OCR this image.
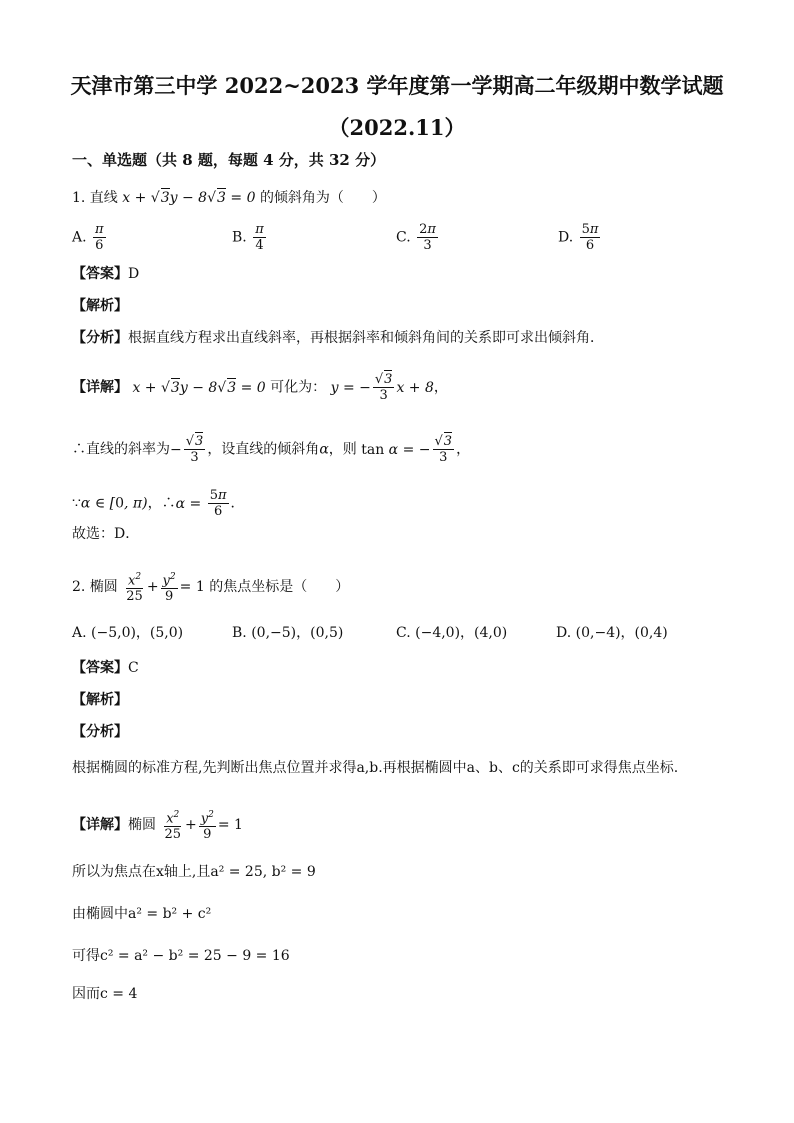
天津市第三中学 2022~2023 学年度第一学期高二年级期中数学试题
（2022.11）
一、单选题（共 8 题，每题 4 分，共 32 分）
1. 直线 x + √3y − 8√3 = 0 的倾斜角为（　　）
A. $\frac{\pi}{6}$	B. $\frac{\pi}{4}$	C. $\frac{2\pi}{3}$	D. $\frac{5\pi}{6}$
【答案】D
【解析】
【分析】根据直线方程求出直线斜率，再根据斜率和倾斜角间的关系即可求出倾斜角．
【详解】 x + √3y − 8√3 = 0 可化为： y = − $\frac{√3}{3}$ x + 8，
∴直线的斜率为− $\frac{√3}{3}$ ，设直线的倾斜角α，则 tan α = − $\frac{√3}{3}$ ，
∵α ∈ [0, π)，∴α = $\frac{5\pi}{6}$ ．
故选：D．
2. 椭圆 $\frac{x^2}{25} + \frac{y^2}{9} = 1$ 的焦点坐标是（　　）
A. (−5,0)，(5,0)	B. (0,−5)，(0,5)	C. (−4,0)，(4,0)	D. (0,−4)，(0,4)
【答案】C
【解析】
【分析】
根据椭圆的标准方程,先判断出焦点位置并求得a,b.再根据椭圆中a、b、c的关系即可求得焦点坐标.
【详解】椭圆 $\frac{x^2}{25} + \frac{y^2}{9} = 1$
所以为焦点在x轴上,且a² = 25, b² = 9
由椭圆中a² = b² + c²
可得c² = a² − b² = 25 − 9 = 16
因而c = 4
